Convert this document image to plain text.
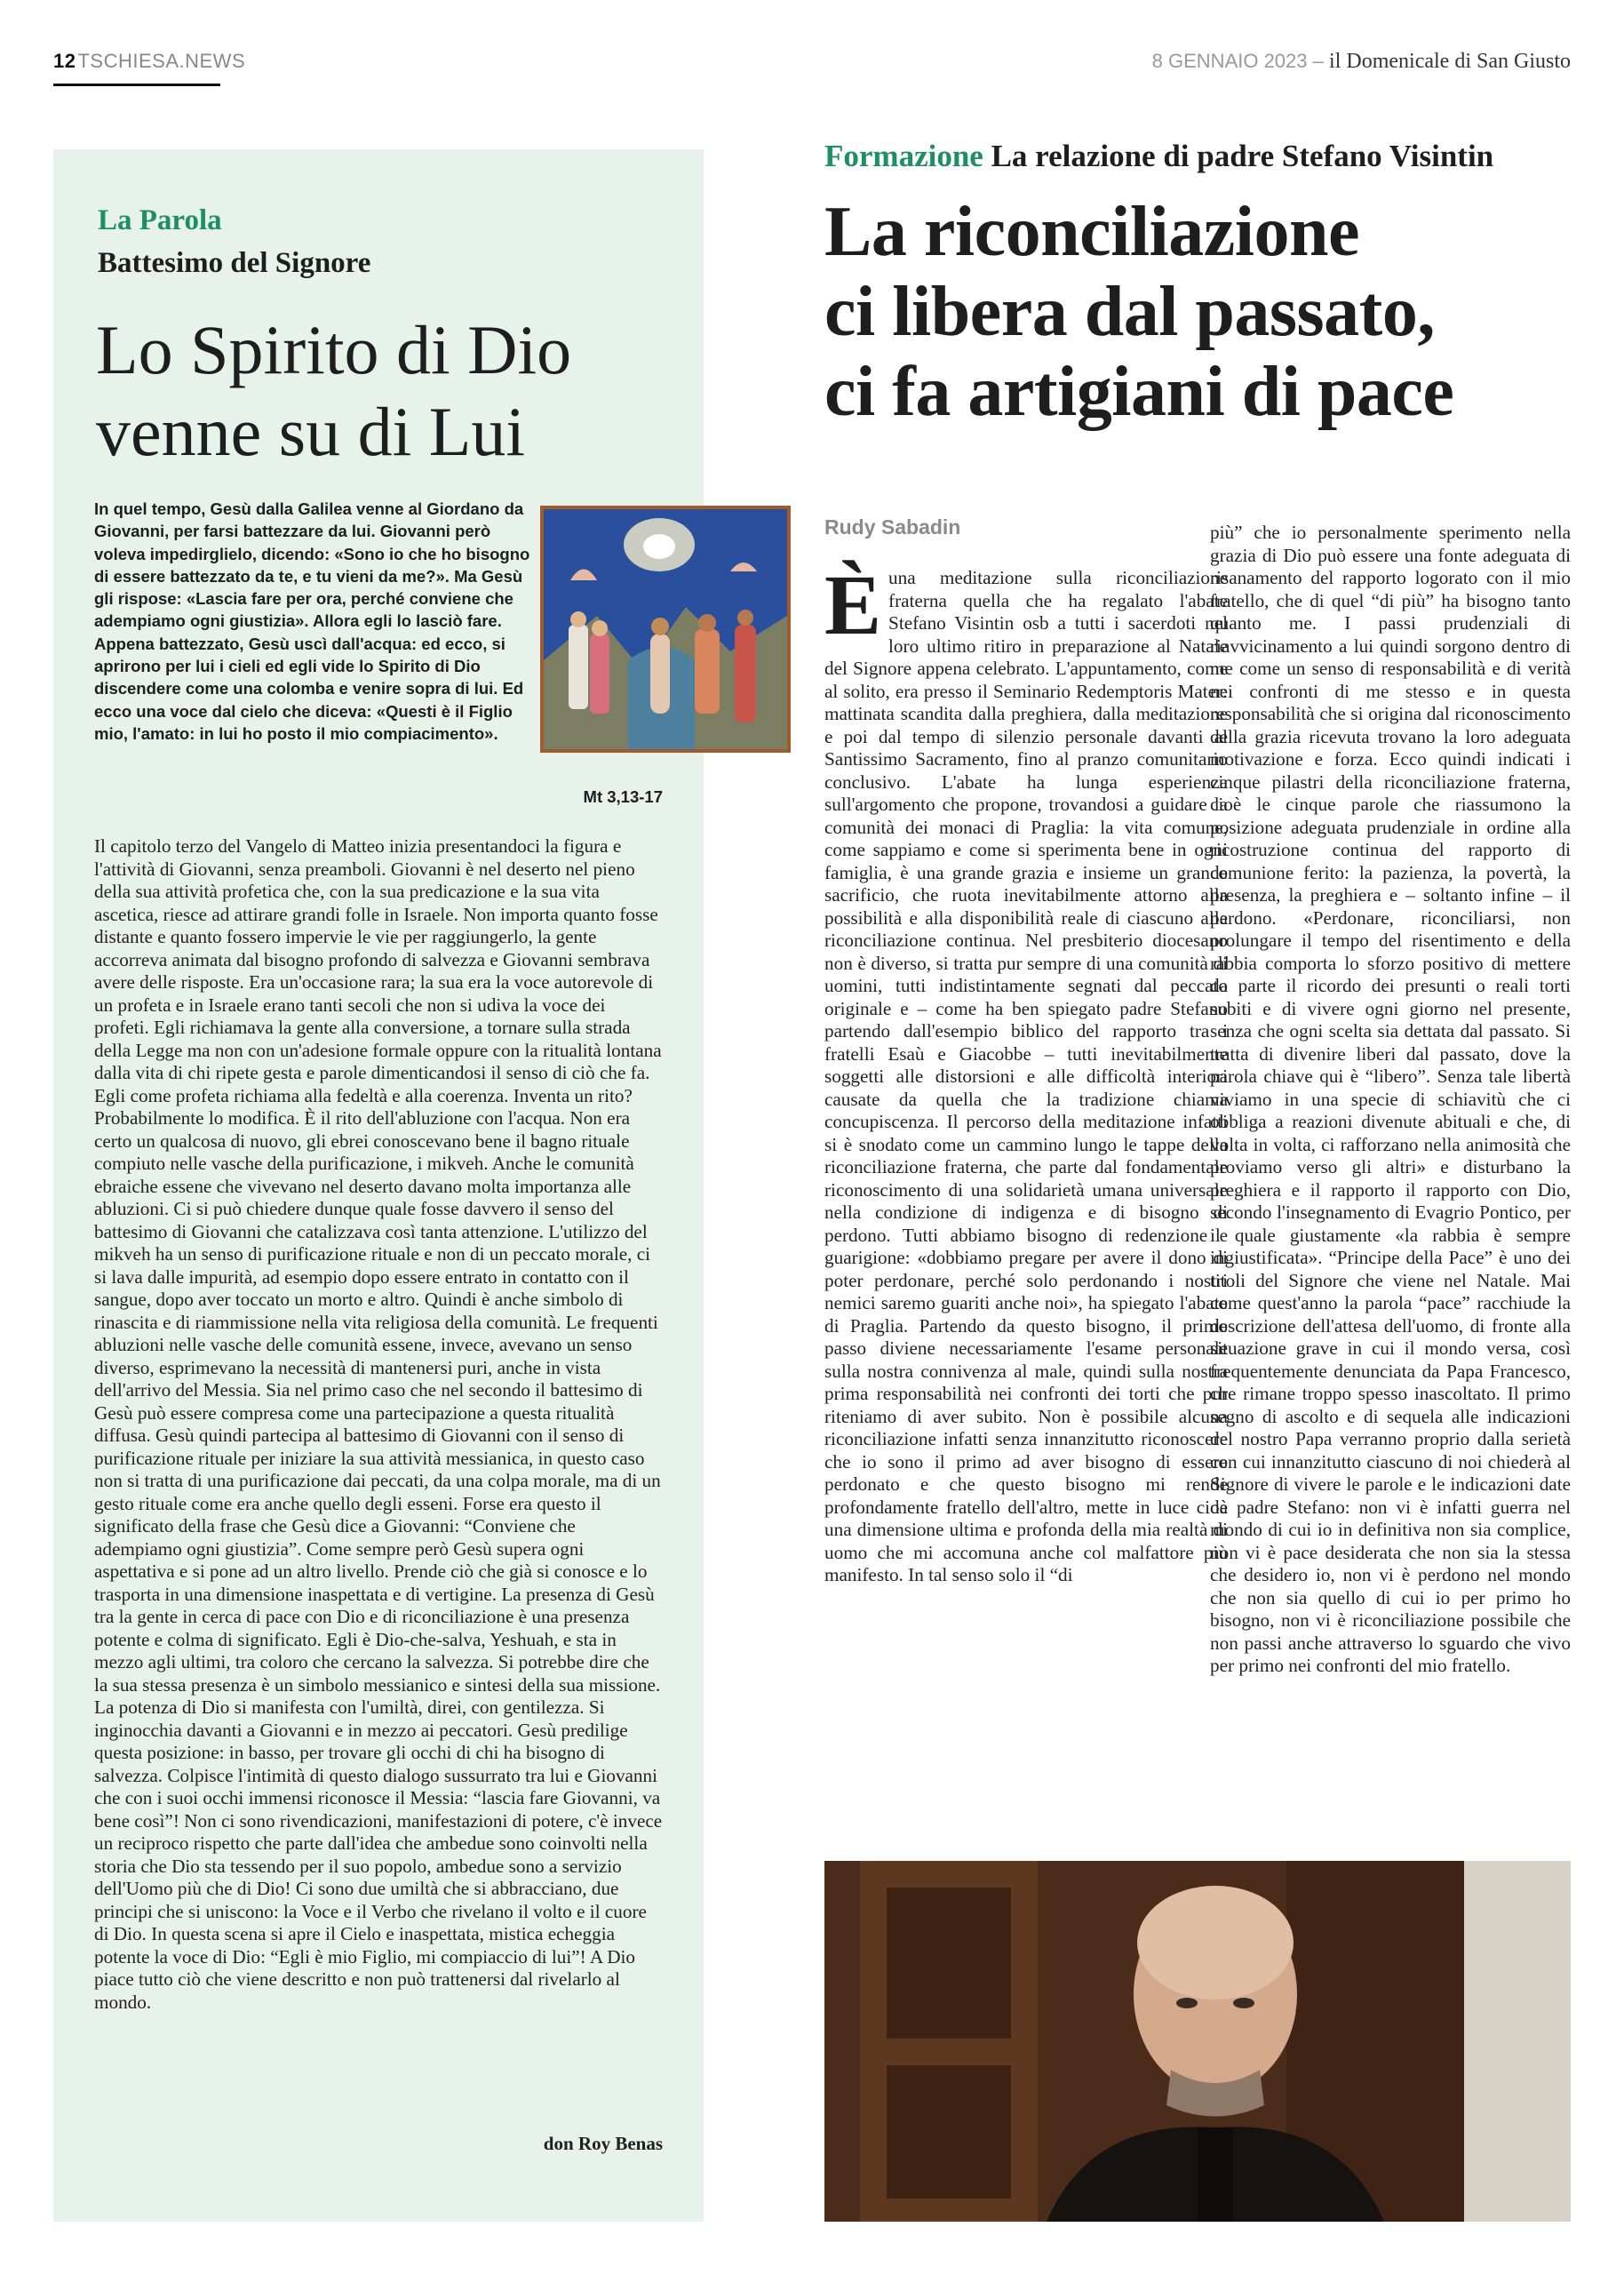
12TSCHIESA.NEWS	8 GENNAIO 2023 – il Domenicale di San Giusto
La Parola
Battesimo del Signore
Lo Spirito di Dio
venne su di Lui
In quel tempo, Gesù dalla Galilea venne al Giordano da Giovanni, per farsi battezzare da lui. Giovanni però voleva impedirglielo, dicendo: «Sono io che ho bisogno di essere battezzato da te, e tu vieni da me?». Ma Gesù gli rispose: «Lascia fare per ora, perché conviene che adempiamo ogni giustizia». Allora egli lo lasciò fare. Appena battezzato, Gesù uscì dall'acqua: ed ecco, si aprirono per lui i cieli ed egli vide lo Spirito di Dio discendere come una colomba e venire sopra di lui. Ed ecco una voce dal cielo che diceva: «Questi è il Figlio mio, l'amato: in lui ho posto il mio compiacimento».
Mt 3,13-17
Il capitolo terzo del Vangelo di Matteo inizia presentandoci la figura e l'attività di Giovanni, senza preamboli. Giovanni è nel deserto nel pieno della sua attività profetica che, con la sua predicazione e la sua vita ascetica, riesce ad attirare grandi folle in Israele. Non importa quanto fosse distante e quanto fossero impervie le vie per raggiungerlo, la gente accorreva animata dal bisogno profondo di salvezza e Giovanni sembrava avere delle risposte. Era un'occasione rara; la sua era la voce autorevole di un profeta e in Israele erano tanti secoli che non si udiva la voce dei profeti. Egli richiamava la gente alla conversione, a tornare sulla strada della Legge ma non con un'adesione formale oppure con la ritualità lontana dalla vita di chi ripete gesta e parole dimenticandosi il senso di ciò che fa. Egli come profeta richiama alla fedeltà e alla coerenza. Inventa un rito? Probabilmente lo modifica. È il rito dell'abluzione con l'acqua. Non era certo un qualcosa di nuovo, gli ebrei conoscevano bene il bagno rituale compiuto nelle vasche della purificazione, i mikveh. Anche le comunità ebraiche essene che vivevano nel deserto davano molta importanza alle abluzioni. Ci si può chiedere dunque quale fosse davvero il senso del battesimo di Giovanni che catalizzava così tanta attenzione. L'utilizzo del mikveh ha un senso di purificazione rituale e non di un peccato morale, ci si lava dalle impurità, ad esempio dopo essere entrato in contatto con il sangue, dopo aver toccato un morto e altro. Quindi è anche simbolo di rinascita e di riammissione nella vita religiosa della comunità. Le frequenti abluzioni nelle vasche delle comunità essene, invece, avevano un senso diverso, esprimevano la necessità di mantenersi puri, anche in vista dell'arrivo del Messia. Sia nel primo caso che nel secondo il battesimo di Gesù può essere compresa come una partecipazione a questa ritualità diffusa. Gesù quindi partecipa al battesimo di Giovanni con il senso di purificazione rituale per iniziare la sua attività messianica, in questo caso non si tratta di una purificazione dai peccati, da una colpa morale, ma di un gesto rituale come era anche quello degli esseni. Forse era questo il significato della frase che Gesù dice a Giovanni: “Conviene che adempiamo ogni giustizia”. Come sempre però Gesù supera ogni aspettativa e si pone ad un altro livello. Prende ciò che già si conosce e lo trasporta in una dimensione inaspettata e di vertigine. La presenza di Gesù tra la gente in cerca di pace con Dio e di riconciliazione è una presenza potente e colma di significato. Egli è Dio-che-salva, Yeshuah, e sta in mezzo agli ultimi, tra coloro che cercano la salvezza. Si potrebbe dire che la sua stessa presenza è un simbolo messianico e sintesi della sua missione. La potenza di Dio si manifesta con l'umiltà, direi, con gentilezza. Si inginocchia davanti a Giovanni e in mezzo ai peccatori. Gesù predilige questa posizione: in basso, per trovare gli occhi di chi ha bisogno di salvezza. Colpisce l'intimità di questo dialogo sussurrato tra lui e Giovanni che con i suoi occhi immensi riconosce il Messia: “lascia fare Giovanni, va bene così”! Non ci sono rivendicazioni, manifestazioni di potere, c'è invece un reciproco rispetto che parte dall'idea che ambedue sono coinvolti nella storia che Dio sta tessendo per il suo popolo, ambedue sono a servizio dell'Uomo più che di Dio! Ci sono due umiltà che si abbracciano, due principi che si uniscono: la Voce e il Verbo che rivelano il volto e il cuore di Dio. In questa scena si apre il Cielo e inaspettata, mistica echeggia potente la voce di Dio: “Egli è mio Figlio, mi compiaccio di lui”! A Dio piace tutto ciò che viene descritto e non può trattenersi dal rivelarlo al mondo.
don Roy Benas
Formazione La relazione di padre Stefano Visintin
La riconciliazione
ci libera dal passato,
ci fa artigiani di pace
Rudy Sabadin
Èuna meditazione sulla riconciliazione fraterna quella che ha regalato l'abate Stefano Visintin osb a tutti i sacerdoti nel loro ultimo ritiro in preparazione al Natale del Signore appena celebrato. L'appuntamento, come al solito, era presso il Seminario Redemptoris Mater: mattinata scandita dalla preghiera, dalla meditazione e poi dal tempo di silenzio personale davanti al Santissimo Sacramento, fino al pranzo comunitario conclusivo. L'abate ha lunga esperienza sull'argomento che propone, trovandosi a guidare la comunità dei monaci di Praglia: la vita comune, come sappiamo e come si sperimenta bene in ogni famiglia, è una grande grazia e insieme un grande sacrificio, che ruota inevitabilmente attorno alla possibilità e alla disponibilità reale di ciascuno alla riconciliazione continua. Nel presbiterio diocesano non è diverso, si tratta pur sempre di una comunità di uomini, tutti indistintamente segnati dal peccato originale e – come ha ben spiegato padre Stefano partendo dall'esempio biblico del rapporto tra i fratelli Esaù e Giacobbe – tutti inevitabilmente soggetti alle distorsioni e alle difficoltà interiori causate da quella che la tradizione chiama concupiscenza. Il percorso della meditazione infatti si è snodato come un cammino lungo le tappe della riconciliazione fraterna, che parte dal fondamentale riconoscimento di una solidarietà umana universale nella condizione di indigenza e di bisogno di perdono. Tutti abbiamo bisogno di redenzione e guarigione: «dobbiamo pregare per avere il dono di poter perdonare, perché solo perdonando i nostri nemici saremo guariti anche noi», ha spiegato l'abate di Praglia. Partendo da questo bisogno, il primo passo diviene necessariamente l'esame personale sulla nostra connivenza al male, quindi sulla nostra prima responsabilità nei confronti dei torti che pur riteniamo di aver subito. Non è possibile alcuna riconciliazione infatti senza innanzitutto riconoscere che io sono il primo ad aver bisogno di essere perdonato e che questo bisogno mi rende profondamente fratello dell'altro, mette in luce cioè una dimensione ultima e profonda della mia realtà di uomo che mi accomuna anche col malfattore più manifesto. In tal senso solo il “di
più” che io personalmente sperimento nella grazia di Dio può essere una fonte adeguata di risanamento del rapporto logorato con il mio fratello, che di quel “di più” ha bisogno tanto quanto me. I passi prudenziali di riavvicinamento a lui quindi sorgono dentro di me come un senso di responsabilità e di verità nei confronti di me stesso e in questa responsabilità che si origina dal riconoscimento della grazia ricevuta trovano la loro adeguata motivazione e forza. Ecco quindi indicati i cinque pilastri della riconciliazione fraterna, cioè le cinque parole che riassumono la posizione adeguata prudenziale in ordine alla ricostruzione continua del rapporto di comunione ferito: la pazienza, la povertà, la presenza, la preghiera e – soltanto infine – il perdono. «Perdonare, riconciliarsi, non prolungare il tempo del risentimento e della rabbia comporta lo sforzo positivo di mettere da parte il ricordo dei presunti o reali torti subiti e di vivere ogni giorno nel presente, senza che ogni scelta sia dettata dal passato. Si tratta di divenire liberi dal passato, dove la parola chiave qui è “libero”. Senza tale libertà viviamo in una specie di schiavitù che ci obbliga a reazioni divenute abituali e che, di volta in volta, ci rafforzano nella animosità che proviamo verso gli altri» e disturbano la preghiera e il rapporto il rapporto con Dio, secondo l'insegnamento di Evagrio Pontico, per il quale giustamente «la rabbia è sempre ingiustificata». “Principe della Pace” è uno dei titoli del Signore che viene nel Natale. Mai come quest'anno la parola “pace” racchiude la descrizione dell'attesa dell'uomo, di fronte alla situazione grave in cui il mondo versa, così frequentemente denunciata da Papa Francesco, che rimane troppo spesso inascoltato. Il primo segno di ascolto e di sequela alle indicazioni del nostro Papa verranno proprio dalla serietà con cui innanzitutto ciascuno di noi chiederà al Signore di vivere le parole e le indicazioni date da padre Stefano: non vi è infatti guerra nel mondo di cui io in definitiva non sia complice, non vi è pace desiderata che non sia la stessa che desidero io, non vi è perdono nel mondo che non sia quello di cui io per primo ho bisogno, non vi è riconciliazione possibile che non passi anche attraverso lo sguardo che vivo per primo nei confronti del mio fratello.
